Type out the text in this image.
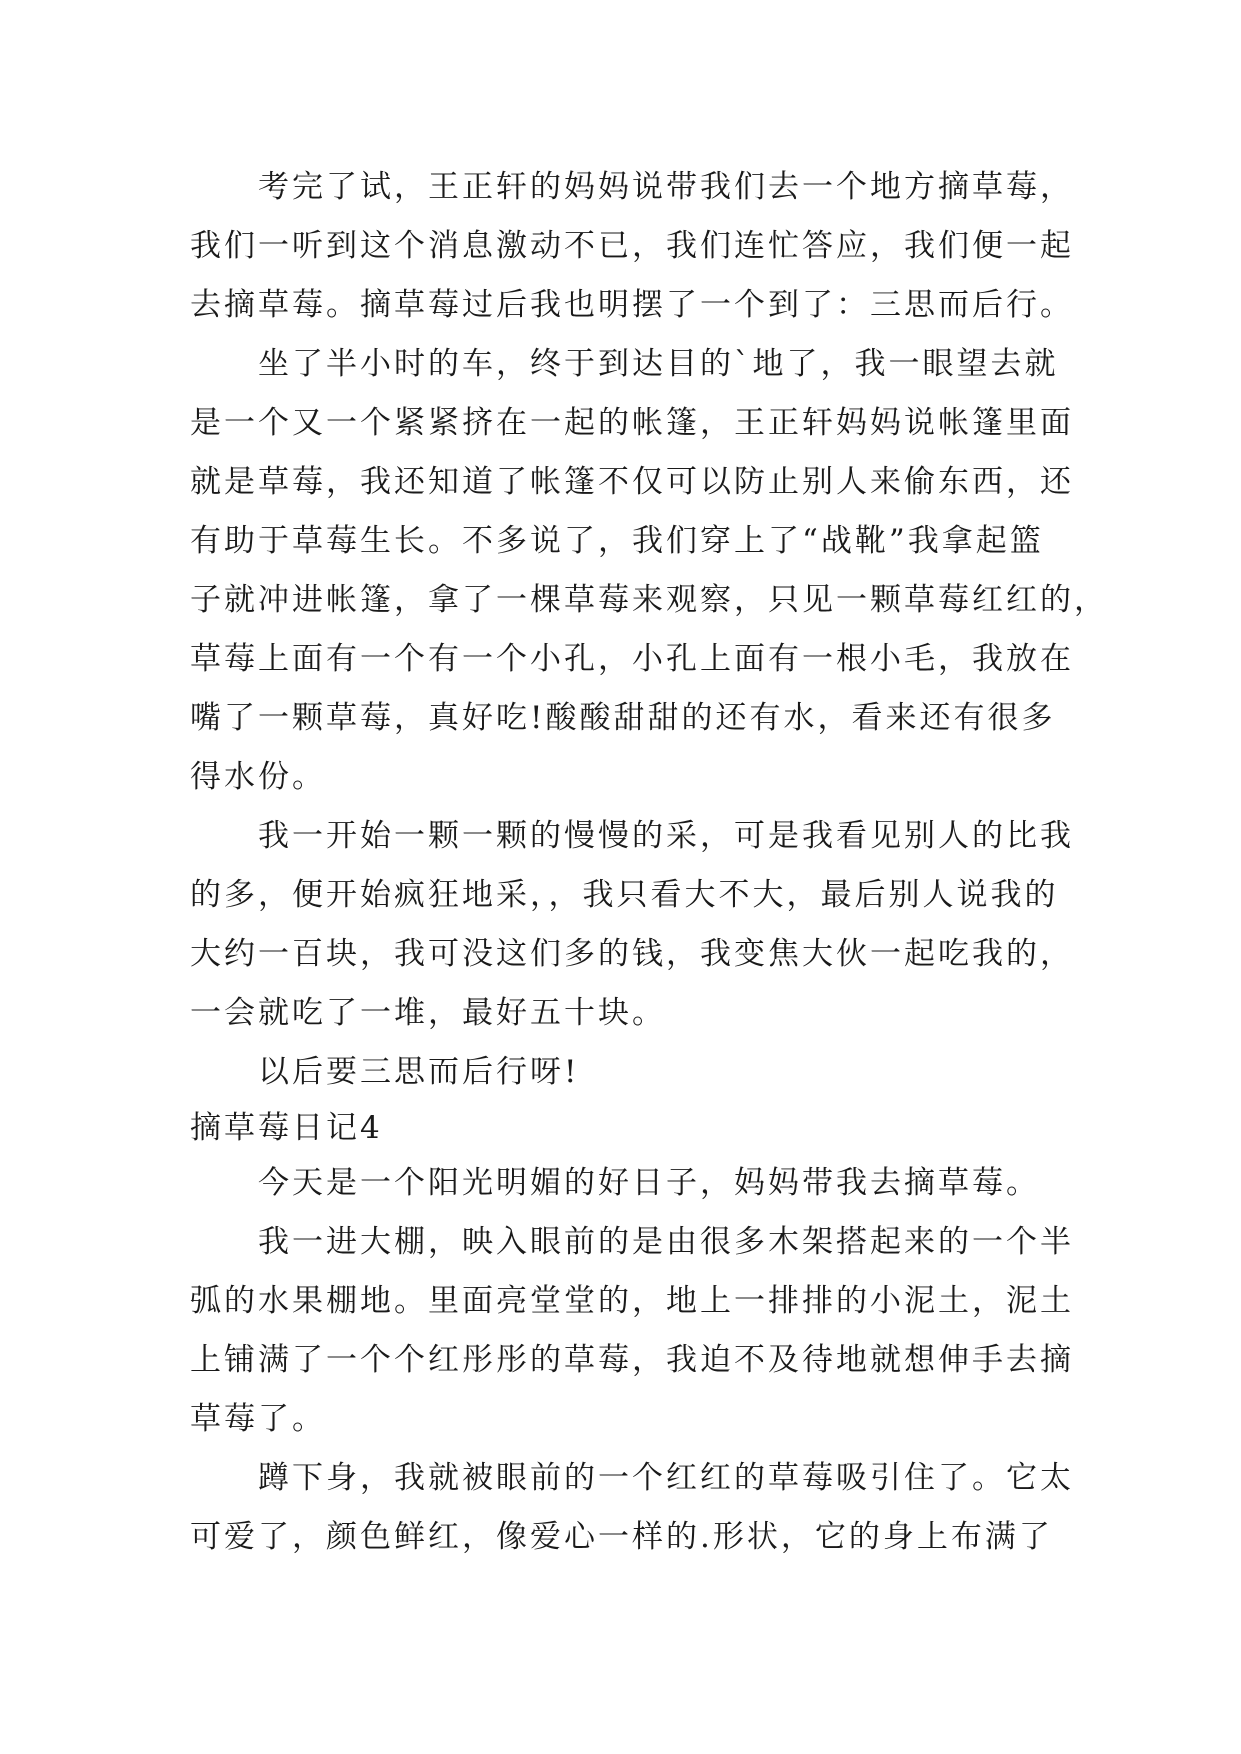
考完了试，王正轩的妈妈说带我们去一个地方摘草莓，
我们一听到这个消息激动不已，我们连忙答应，我们便一起
去摘草莓。摘草莓过后我也明摆了一个到了：三思而后行。
坐了半小时的车，终于到达目的`地了，我一眼望去就
是一个又一个紧紧挤在一起的帐篷，王正轩妈妈说帐篷里面
就是草莓，我还知道了帐篷不仅可以防止别人来偷东西，还
有助于草莓生长。不多说了，我们穿上了“战靴”我拿起篮
子就冲进帐篷，拿了一棵草莓来观察，只见一颗草莓红红的，
草莓上面有一个有一个小孔，小孔上面有一根小毛，我放在
嘴了一颗草莓，真好吃!酸酸甜甜的还有水，看来还有很多
得水份。
我一开始一颗一颗的慢慢的采，可是我看见别人的比我
的多，便开始疯狂地采，，我只看大不大，最后别人说我的
大约一百块，我可没这们多的钱，我变焦大伙一起吃我的，
一会就吃了一堆，最好五十块。
以后要三思而后行呀!
摘草莓日记4
今天是一个阳光明媚的好日子，妈妈带我去摘草莓。
我一进大棚，映入眼前的是由很多木架搭起来的一个半
弧的水果棚地。里面亮堂堂的，地上一排排的小泥土，泥土
上铺满了一个个红彤彤的草莓，我迫不及待地就想伸手去摘
草莓了。
蹲下身，我就被眼前的一个红红的草莓吸引住了。它太
可爱了，颜色鲜红，像爱心一样的.形状，它的身上布满了
